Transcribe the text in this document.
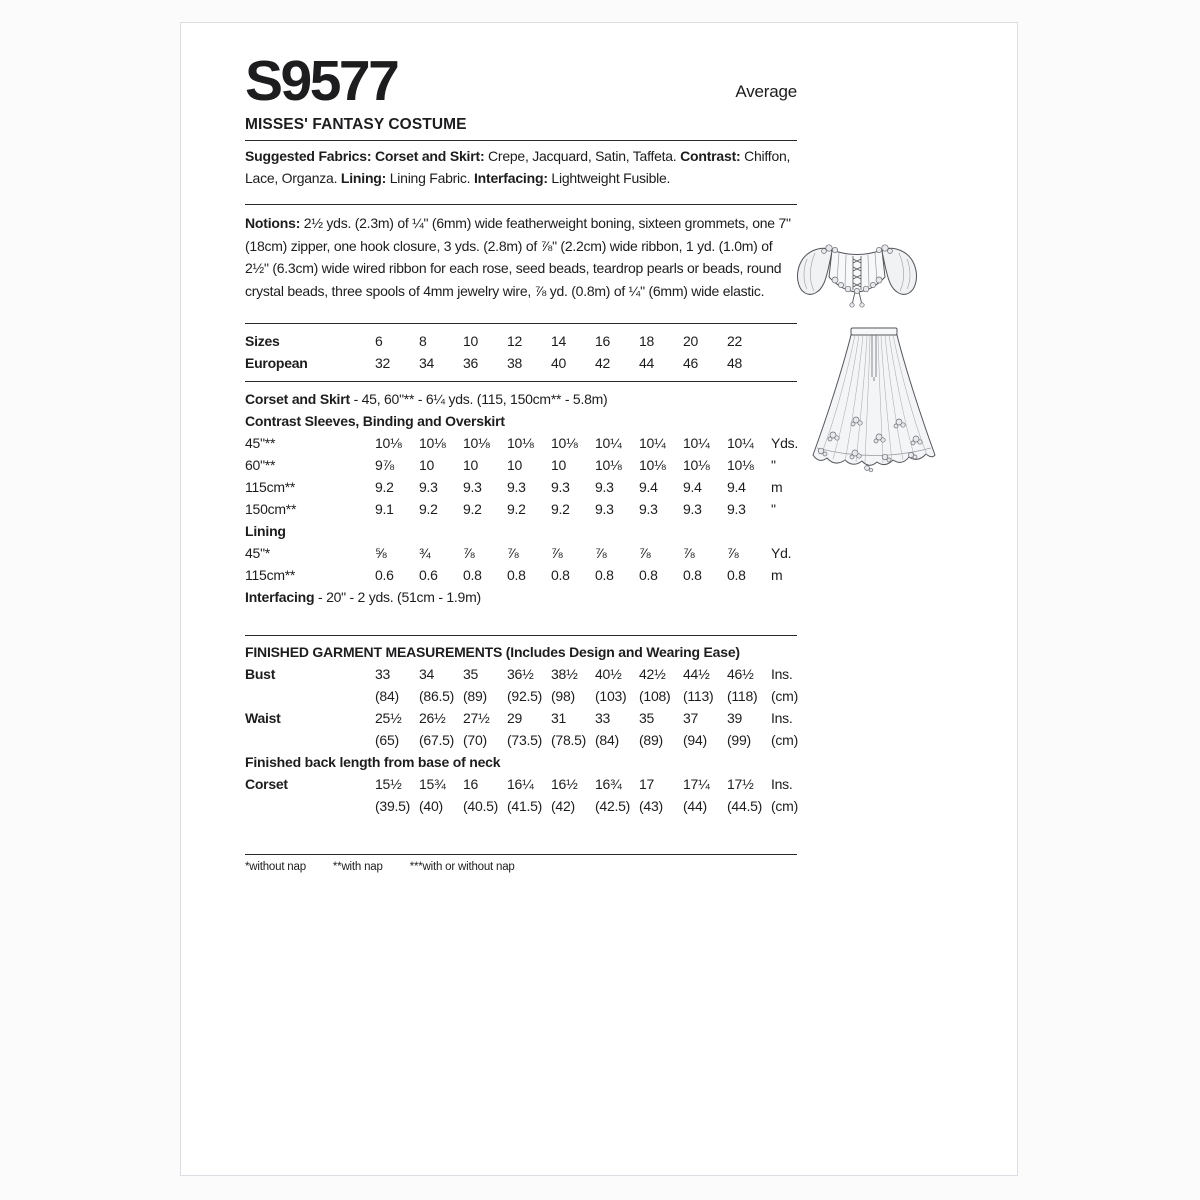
S9577	Average
MISSES' FANTASY COSTUME
Suggested Fabrics: Corset and Skirt: Crepe, Jacquard, Satin, Taffeta. Contrast: Chiffon, Lace, Organza. Lining: Lining Fabric. Interfacing: Lightweight Fusible.
Notions: 2½ yds. (2.3m) of ¼" (6mm) wide featherweight boning, sixteen grommets, one 7" (18cm) zipper, one hook closure, 3 yds. (2.8m) of ⅞" (2.2cm) wide ribbon, 1 yd. (1.0m) of 2½" (6.3cm) wide wired ribbon for each rose, seed beads, teardrop pearls or beads, round crystal beads, three spools of 4mm jewelry wire, ⅞ yd. (0.8m) of ¼" (6mm) wide elastic.
Sizes	6	8	10	12	14	16	18	20	22
European	32	34	36	38	40	42	44	46	48
Corset and Skirt - 45, 60"** - 6¼ yds. (115, 150cm** - 5.8m)
Contrast Sleeves, Binding and Overskirt
45"**	10⅛	10⅛	10⅛	10⅛	10⅛	10¼	10¼	10¼	10¼	Yds.
60"**	9⅞	10	10	10	10	10⅛	10⅛	10⅛	10⅛	"
115cm**	9.2	9.3	9.3	9.3	9.3	9.3	9.4	9.4	9.4	m
150cm**	9.1	9.2	9.2	9.2	9.2	9.3	9.3	9.3	9.3	"
Lining
45"*	⅝	¾	⅞	⅞	⅞	⅞	⅞	⅞	⅞	Yd.
115cm**	0.6	0.6	0.8	0.8	0.8	0.8	0.8	0.8	0.8	m
Interfacing - 20" - 2 yds. (51cm - 1.9m)
FINISHED GARMENT MEASUREMENTS (Includes Design and Wearing Ease)
Bust	33	34	35	36½	38½	40½	42½	44½	46½	Ins.
(84)	(86.5) (89)	(92.5) (98)	(103) (108) (113) (118) (cm)
Waist	25½	26½	27½	29	31	33	35	37	39	Ins.
(65)	(67.5) (70)	(73.5) (78.5) (84)	(89)	(94)	(99)	(cm)
Finished back length from base of neck
Corset	15½	15¾	16	16¼	16½	16¾	17	17¼	17½	Ins.
(39.5) (40)	(40.5) (41.5) (42)	(42.5) (43)	(44)	(44.5) (cm)
*without nap **with nap ***with or without nap
